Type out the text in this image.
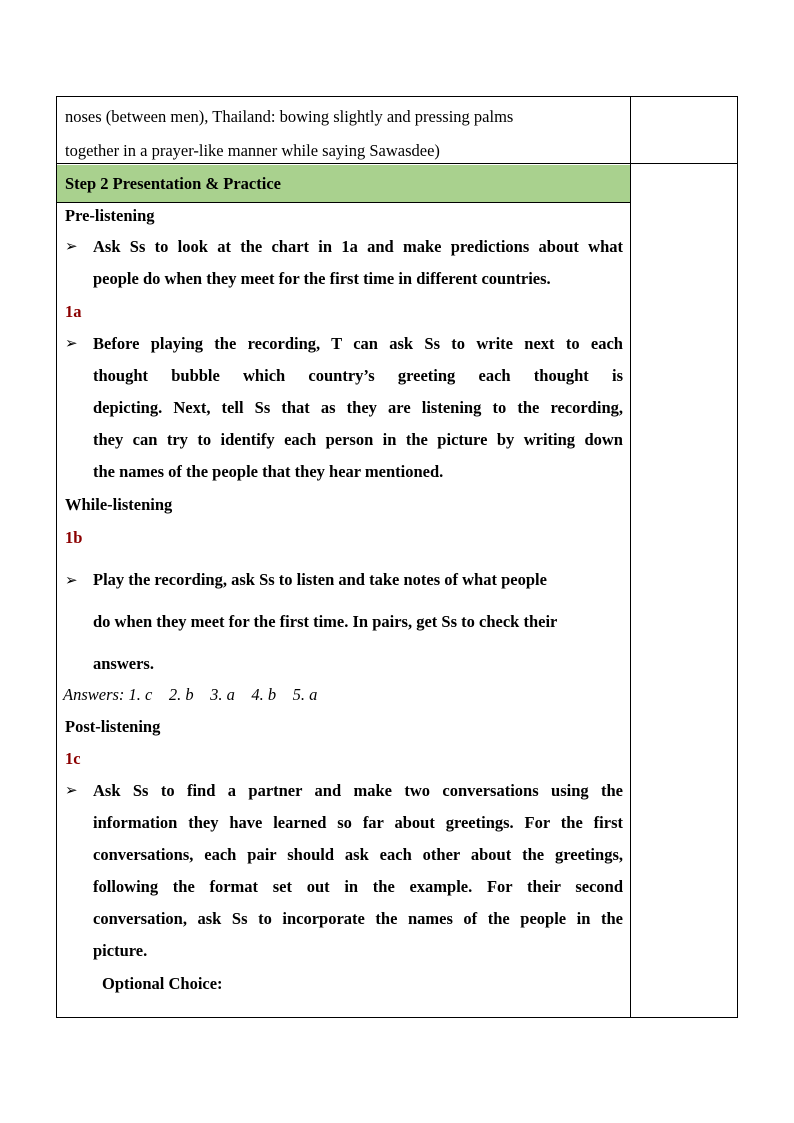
noses (between men), Thailand: bowing slightly and pressing palms
together in a prayer-like manner while saying Sawasdee)
Step 2 Presentation & Practice
Pre-listening
➢ Ask Ss to look at the chart in 1a and make predictions about what
people do when they meet for the first time in different countries.
1a
➢ Before playing the recording, T can ask Ss to write next to each
thought bubble which country’s greeting each thought is
depicting. Next, tell Ss that as they are listening to the recording,
they can try to identify each person in the picture by writing down
the names of the people that they hear mentioned.
While-listening
1b
➢ Play the recording, ask Ss to listen and take notes of what people
do when they meet for the first time. In pairs, get Ss to check their
answers.
Answers: 1. c    2. b    3. a    4. b    5. a
Post-listening
1c
➢ Ask Ss to find a partner and make two conversations using the
information they have learned so far about greetings. For the first
conversations, each pair should ask each other about the greetings,
following the format set out in the example. For their second
conversation, ask Ss to incorporate the names of the people in the
picture.
Optional Choice:
